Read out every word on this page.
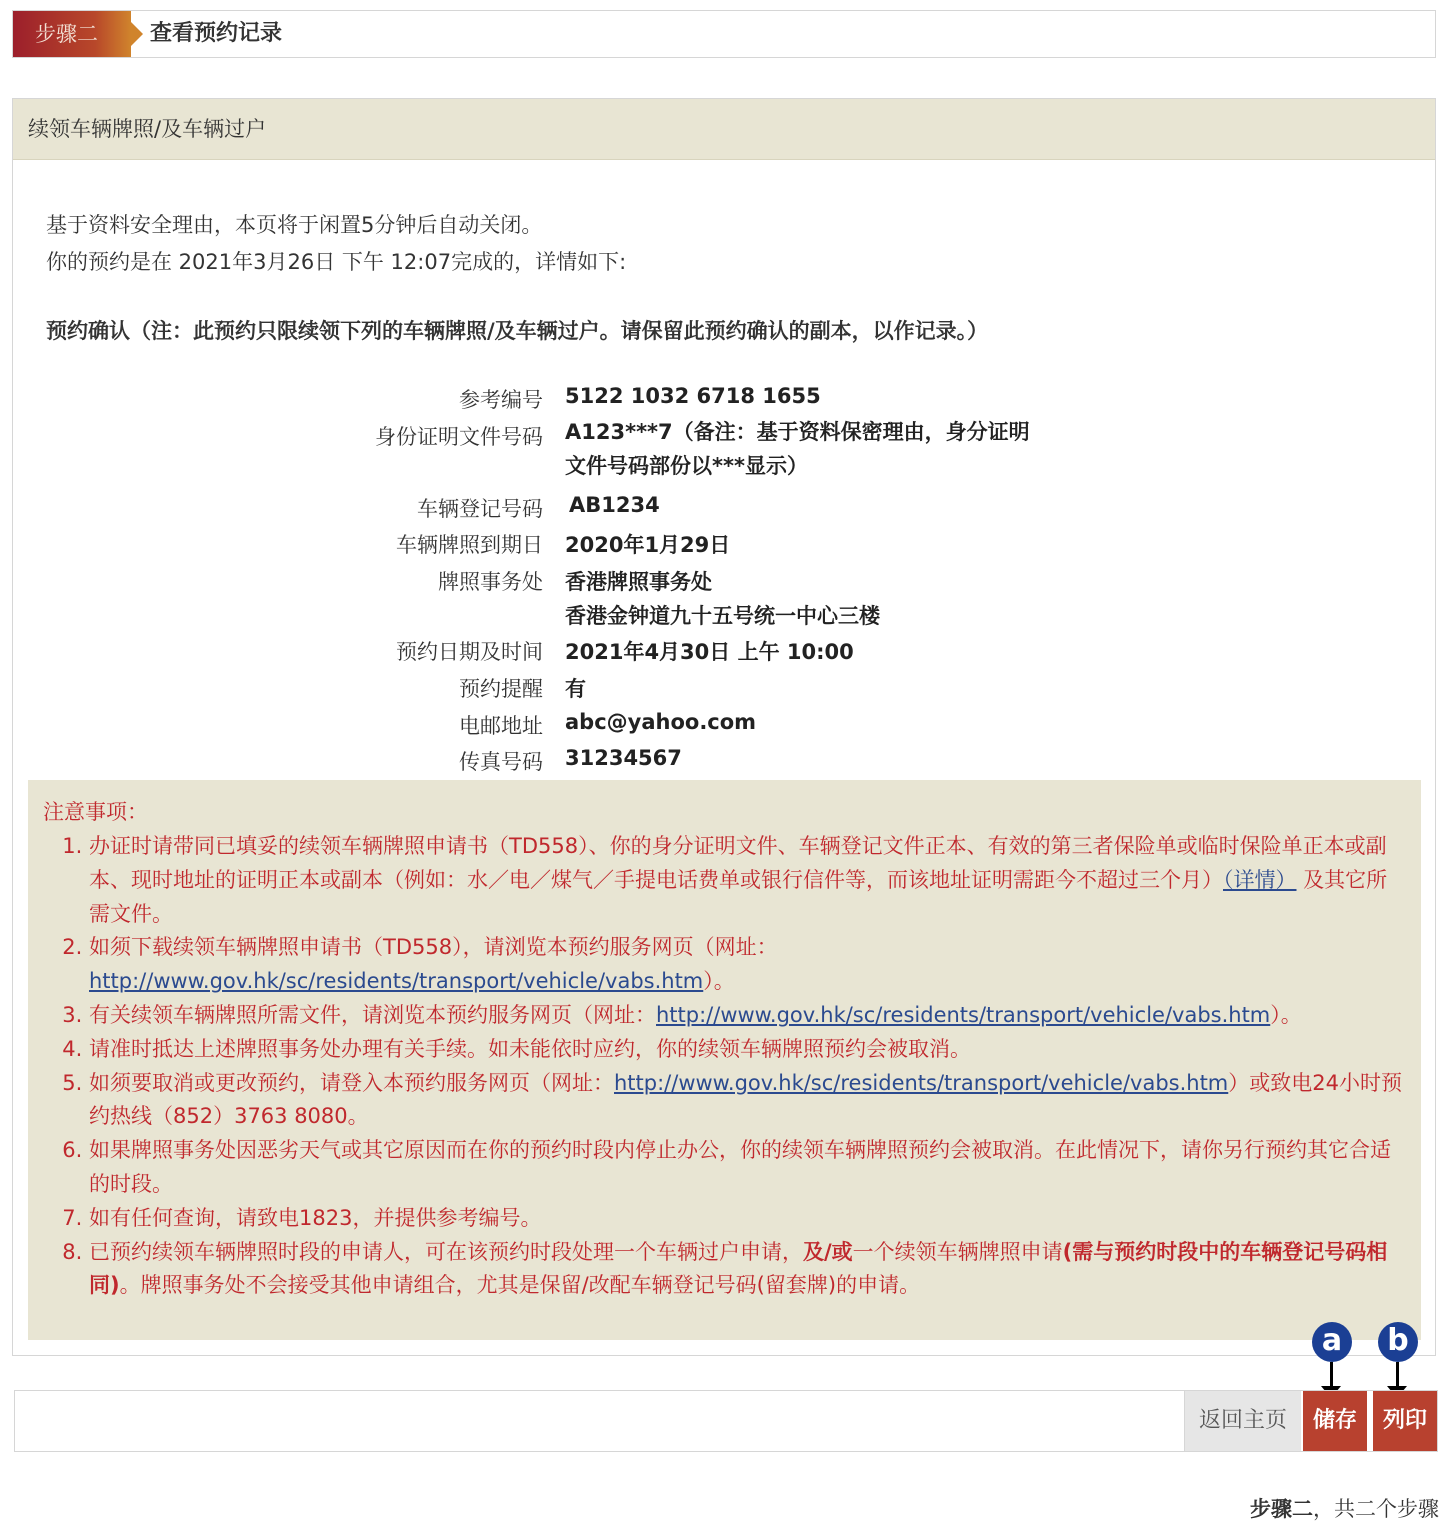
步骤二	查看预约记录
续领车辆牌照/及车辆过户
基于资料安全理由，本页将于闲置5分钟后自动关闭。
你的预约是在 2021年3月26日 下午 12:07完成的，详情如下:
预约确认（注：此预约只限续领下列的车辆牌照/及车辆过户。请保留此预约确认的副本，以作记录。）
参考编号 5122 1032 6718 1655
身份证明文件号码 A123***7（备注：基于资料保密理由，身分证明文件号码部份以***显示）
车辆登记号码 AB1234
车辆牌照到期日 2020年1月29日
牌照事务处 香港牌照事务处
香港金钟道九十五号统一中心三楼
预约日期及时间 2021年4月30日 上午 10:00
预约提醒 有
电邮地址 abc@yahoo.com
传真号码 31234567
注意事项：
1. 办证时请带同已填妥的续领车辆牌照申请书（TD558）、你的身分证明文件、车辆登记文件正本、有效的第三者保险单或临时保险单正本或副本、现时地址的证明正本或副本（例如：水／电／煤气／手提电话费单或银行信件等，而该地址证明需距今不超过三个月）（详情） 及其它所需文件。
2. 如须下载续领车辆牌照申请书（TD558），请浏览本预约服务网页（网址：http://www.gov.hk/sc/residents/transport/vehicle/vabs.htm）。
3. 有关续领车辆牌照所需文件，请浏览本预约服务网页（网址：http://www.gov.hk/sc/residents/transport/vehicle/vabs.htm）。
4. 请准时抵达上述牌照事务处办理有关手续。如未能依时应约，你的续领车辆牌照预约会被取消。
5. 如须要取消或更改预约，请登入本预约服务网页（网址：http://www.gov.hk/sc/residents/transport/vehicle/vabs.htm）或致电24小时预约热线（852）3763 8080。
6. 如果牌照事务处因恶劣天气或其它原因而在你的预约时段内停止办公，你的续领车辆牌照预约会被取消。在此情况下，请你另行预约其它合适的时段。
7. 如有任何查询，请致电1823，并提供参考编号。
8. 已预约续领车辆牌照时段的申请人，可在该预约时段处理一个车辆过户申请，及/或一个续领车辆牌照申请(需与预约时段中的车辆登记号码相同)。牌照事务处不会接受其他申请组合，尤其是保留/改配车辆登记号码(留套牌)的申请。
a	b
返回主页	储存	列印
步骤二，共二个步骤
